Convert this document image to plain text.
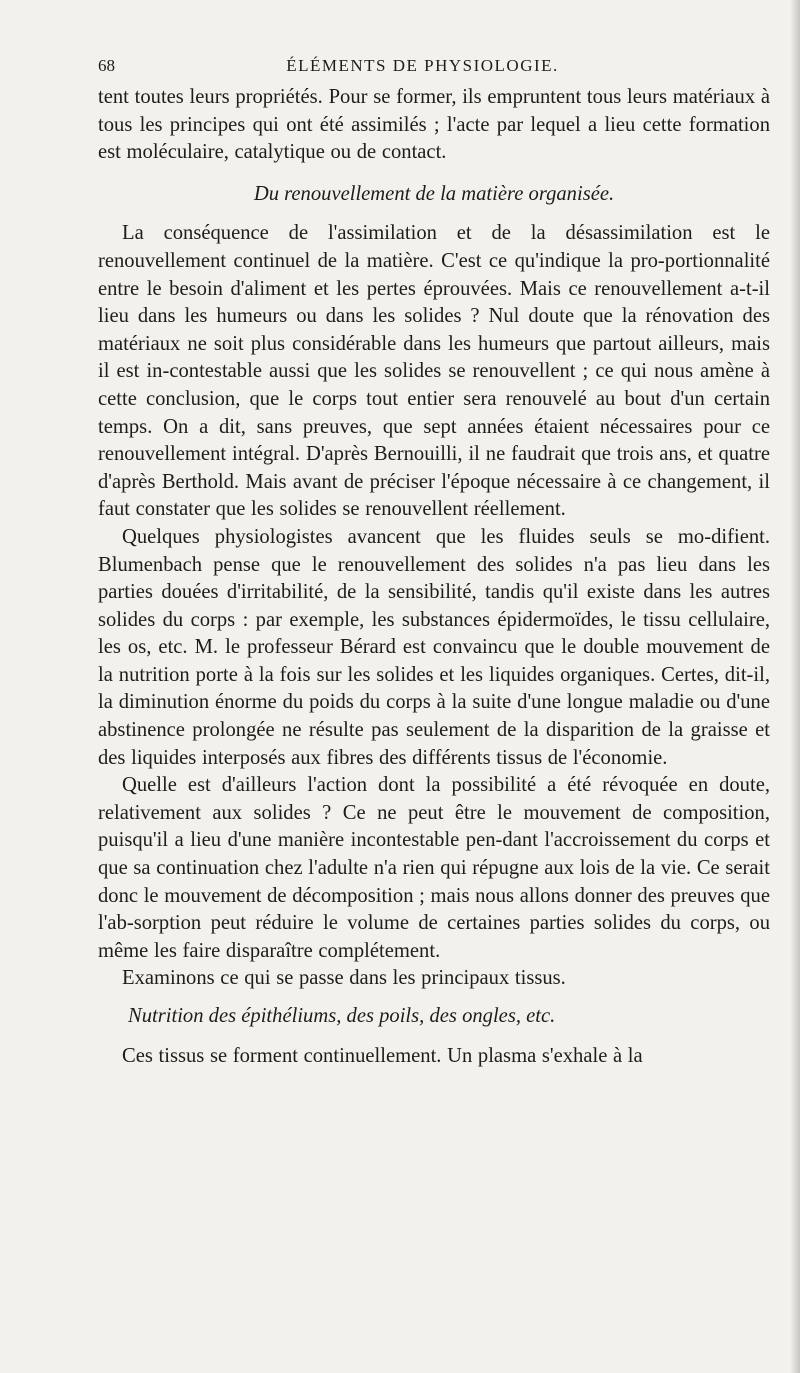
68	ÉLÉMENTS DE PHYSIOLOGIE.

tent toutes leurs propriétés. Pour se former, ils empruntent tous leurs matériaux à tous les principes qui ont été assimilés ; l'acte par lequel a lieu cette formation est moléculaire, catalytique ou de contact.

Du renouvellement de la matière organisée.

La conséquence de l'assimilation et de la désassimilation est le renouvellement continuel de la matière. C'est ce qu'indique la pro-portionnalité entre le besoin d'aliment et les pertes éprouvées. Mais ce renouvellement a-t-il lieu dans les humeurs ou dans les solides ? Nul doute que la rénovation des matériaux ne soit plus considérable dans les humeurs que partout ailleurs, mais il est in-contestable aussi que les solides se renouvellent ; ce qui nous amène à cette conclusion, que le corps tout entier sera renouvelé au bout d'un certain temps. On a dit, sans preuves, que sept années étaient nécessaires pour ce renouvellement intégral. D'après Bernouilli, il ne faudrait que trois ans, et quatre d'après Berthold. Mais avant de préciser l'époque nécessaire à ce changement, il faut constater que les solides se renouvellent réellement.

Quelques physiologistes avancent que les fluides seuls se mo-difient. Blumenbach pense que le renouvellement des solides n'a pas lieu dans les parties douées d'irritabilité, de la sensibilité, tandis qu'il existe dans les autres solides du corps : par exemple, les substances épidermoïdes, le tissu cellulaire, les os, etc. M. le professeur Bérard est convaincu que le double mouvement de la nutrition porte à la fois sur les solides et les liquides organiques. Certes, dit-il, la diminution énorme du poids du corps à la suite d'une longue maladie ou d'une abstinence prolongée ne résulte pas seulement de la disparition de la graisse et des liquides interposés aux fibres des différents tissus de l'économie.

Quelle est d'ailleurs l'action dont la possibilité a été révoquée en doute, relativement aux solides ? Ce ne peut être le mouvement de composition, puisqu'il a lieu d'une manière incontestable pen-dant l'accroissement du corps et que sa continuation chez l'adulte n'a rien qui répugne aux lois de la vie. Ce serait donc le mouvement de décomposition ; mais nous allons donner des preuves que l'ab-sorption peut réduire le volume de certaines parties solides du corps, ou même les faire disparaître complétement.

Examinons ce qui se passe dans les principaux tissus.

Nutrition des épithéliums, des poils, des ongles, etc.

Ces tissus se forment continuellement. Un plasma s'exhale à la
